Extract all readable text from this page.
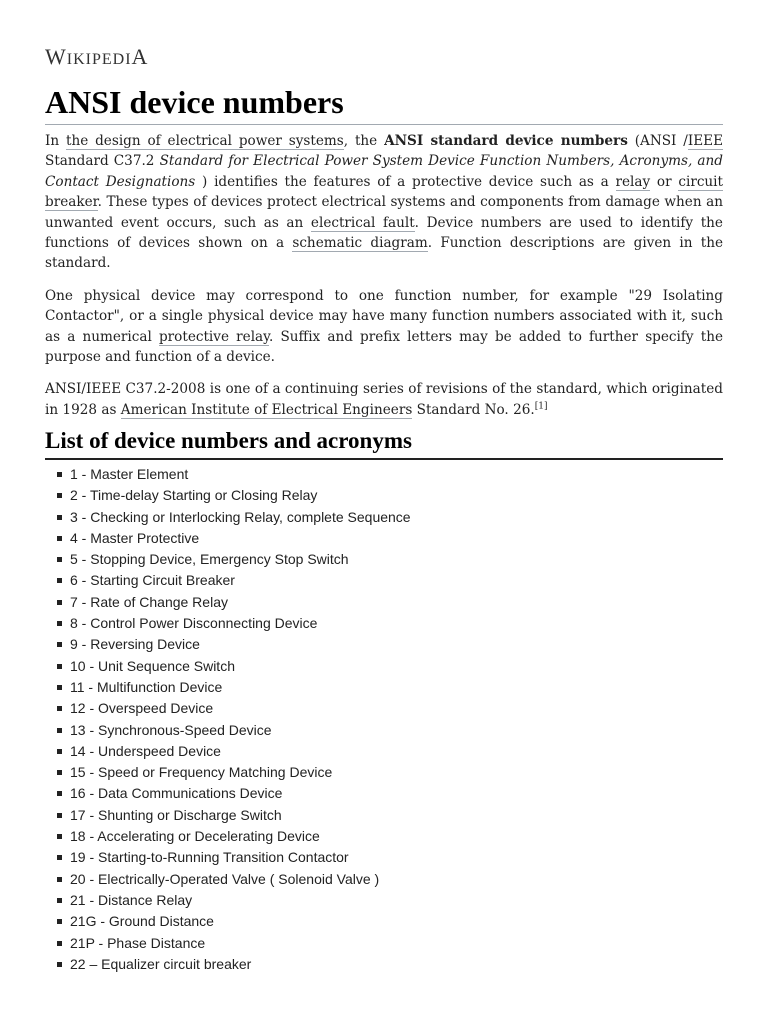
WIKIPEDIA
ANSI device numbers

In the design of electrical power systems, the ANSI standard device numbers (ANSI /IEEE Standard C37.2 Standard for Electrical Power System Device Function Numbers, Acronyms, and Contact Designations ) identifies the features of a protective device such as a relay or circuit breaker. These types of devices protect electrical systems and components from damage when an unwanted event occurs, such as an electrical fault. Device numbers are used to identify the functions of devices shown on a schematic diagram. Function descriptions are given in the standard.

One physical device may correspond to one function number, for example "29 Isolating Contactor", or a single physical device may have many function numbers associated with it, such as a numerical protective relay. Suffix and prefix letters may be added to further specify the purpose and function of a device.

ANSI/IEEE C37.2-2008 is one of a continuing series of revisions of the standard, which originated in 1928 as American Institute of Electrical Engineers Standard No. 26.[1]

List of device numbers and acronyms
1 - Master Element
2 - Time-delay Starting or Closing Relay
3 - Checking or Interlocking Relay, complete Sequence
4 - Master Protective
5 - Stopping Device, Emergency Stop Switch
6 - Starting Circuit Breaker
7 - Rate of Change Relay
8 - Control Power Disconnecting Device
9 - Reversing Device
10 - Unit Sequence Switch
11 - Multifunction Device
12 - Overspeed Device
13 - Synchronous-Speed Device
14 - Underspeed Device
15 - Speed or Frequency Matching Device
16 - Data Communications Device
17 - Shunting or Discharge Switch
18 - Accelerating or Decelerating Device
19 - Starting-to-Running Transition Contactor
20 - Electrically-Operated Valve ( Solenoid Valve )
21 - Distance Relay
21G - Ground Distance
21P - Phase Distance
22 – Equalizer circuit breaker
